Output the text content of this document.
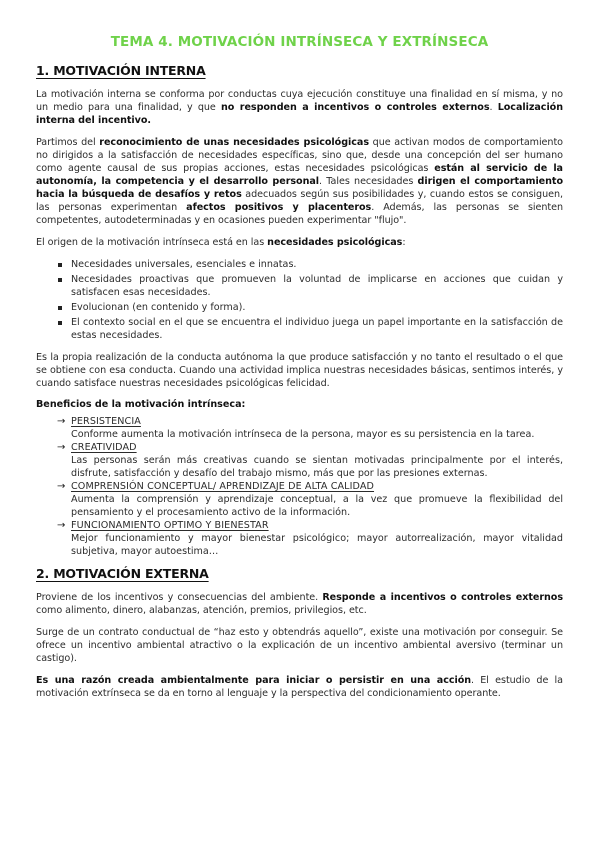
TEMA 4. MOTIVACIÓN INTRÍNSECA Y EXTRÍNSECA
1. MOTIVACIÓN INTERNA

La motivación interna se conforma por conductas cuya ejecución constituye una finalidad en sí misma, y no un medio para una finalidad, y que no responden a incentivos o controles externos. Localización interna del incentivo.

Partimos del reconocimiento de unas necesidades psicológicas que activan modos de comportamiento no dirigidos a la satisfacción de necesidades específicas, sino que, desde una concepción del ser humano como agente causal de sus propias acciones, estas necesidades psicológicas están al servicio de la autonomía, la competencia y el desarrollo personal. Tales necesidades dirigen el comportamiento hacia la búsqueda de desafíos y retos adecuados según sus posibilidades y, cuando estos se consiguen, las personas experimentan afectos positivos y placenteros. Además, las personas se sienten competentes, autodeterminadas y en ocasiones pueden experimentar "flujo".

El origen de la motivación intrínseca está en las necesidades psicológicas:

Necesidades universales, esenciales e innatas.
Necesidades proactivas que promueven la voluntad de implicarse en acciones que cuidan y satisfacen esas necesidades.
Evolucionan (en contenido y forma).
El contexto social en el que se encuentra el individuo juega un papel importante en la satisfacción de estas necesidades.

Es la propia realización de la conducta autónoma la que produce satisfacción y no tanto el resultado o el que se obtiene con esa conducta. Cuando una actividad implica nuestras necesidades básicas, sentimos interés, y cuando satisface nuestras necesidades psicológicas felicidad.

Beneficios de la motivación intrínseca:
→ PERSISTENCIA
Conforme aumenta la motivación intrínseca de la persona, mayor es su persistencia en la tarea.
→ CREATIVIDAD
Las personas serán más creativas cuando se sientan motivadas principalmente por el interés, disfrute, satisfacción y desafío del trabajo mismo, más que por las presiones externas.
→ COMPRENSIÓN CONCEPTUAL/ APRENDIZAJE DE ALTA CALIDAD
Aumenta la comprensión y aprendizaje conceptual, a la vez que promueve la flexibilidad del pensamiento y el procesamiento activo de la información.
→ FUNCIONAMIENTO OPTIMO Y BIENESTAR
Mejor funcionamiento y mayor bienestar psicológico; mayor autorrealización, mayor vitalidad subjetiva, mayor autoestima…
2. MOTIVACIÓN EXTERNA

Proviene de los incentivos y consecuencias del ambiente. Responde a incentivos o controles externos como alimento, dinero, alabanzas, atención, premios, privilegios, etc.

Surge de un contrato conductual de “haz esto y obtendrás aquello”, existe una motivación por conseguir. Se ofrece un incentivo ambiental atractivo o la explicación de un incentivo ambiental aversivo (terminar un castigo).

Es una razón creada ambientalmente para iniciar o persistir en una acción. El estudio de la motivación extrínseca se da en torno al lenguaje y la perspectiva del condicionamiento operante.
